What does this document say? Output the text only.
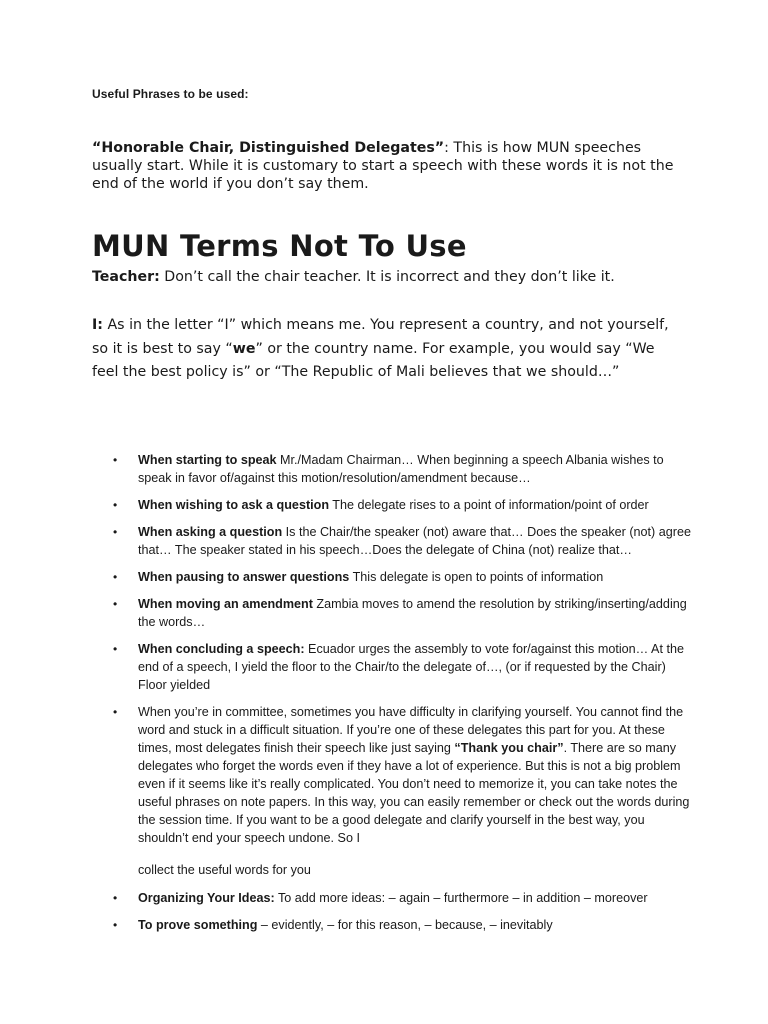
Useful Phrases to be used:
“Honorable Chair, Distinguished Delegates”: This is how MUN speeches usually start. While it is customary to start a speech with these words it is not the end of the world if you don’t say them.
MUN Terms Not To Use
Teacher: Don’t call the chair teacher. It is incorrect and they don’t like it.
I: As in the letter “I” which means me. You represent a country, and not yourself, so it is best to say “we” or the country name. For example, you would say “We feel the best policy is” or “The Republic of Mali believes that we should…”
• When starting to speak Mr./Madam Chairman… When beginning a speech Albania wishes to speak in favor of/against this motion/resolution/amendment because…
• When wishing to ask a question The delegate rises to a point of information/point of order
• When asking a question Is the Chair/the speaker (not) aware that… Does the speaker (not) agree that… The speaker stated in his speech…Does the delegate of China (not) realize that…
• When pausing to answer questions This delegate is open to points of information
• When moving an amendment Zambia moves to amend the resolution by striking/inserting/adding the words…
• When concluding a speech: Ecuador urges the assembly to vote for/against this motion… At the end of a speech, I yield the floor to the Chair/to the delegate of…, (or if requested by the Chair) Floor yielded
• When you’re in committee, sometimes you have difficulty in clarifying yourself. You cannot find the word and stuck in a difficult situation. If you’re one of these delegates this part for you. At these times, most delegates finish their speech like just saying “Thank you chair”. There are so many delegates who forget the words even if they have a lot of experience. But this is not a big problem even if it seems like it’s really complicated. You don’t need to memorize it, you can take notes the useful phrases on note papers. In this way, you can easily remember or check out the words during the session time. If you want to be a good delegate and clarify yourself in the best way, you shouldn’t end your speech undone. So I
collect the useful words for you
• Organizing Your Ideas: To add more ideas: – again – furthermore – in addition – moreover
• To prove something – evidently, – for this reason, – because, – inevitably
